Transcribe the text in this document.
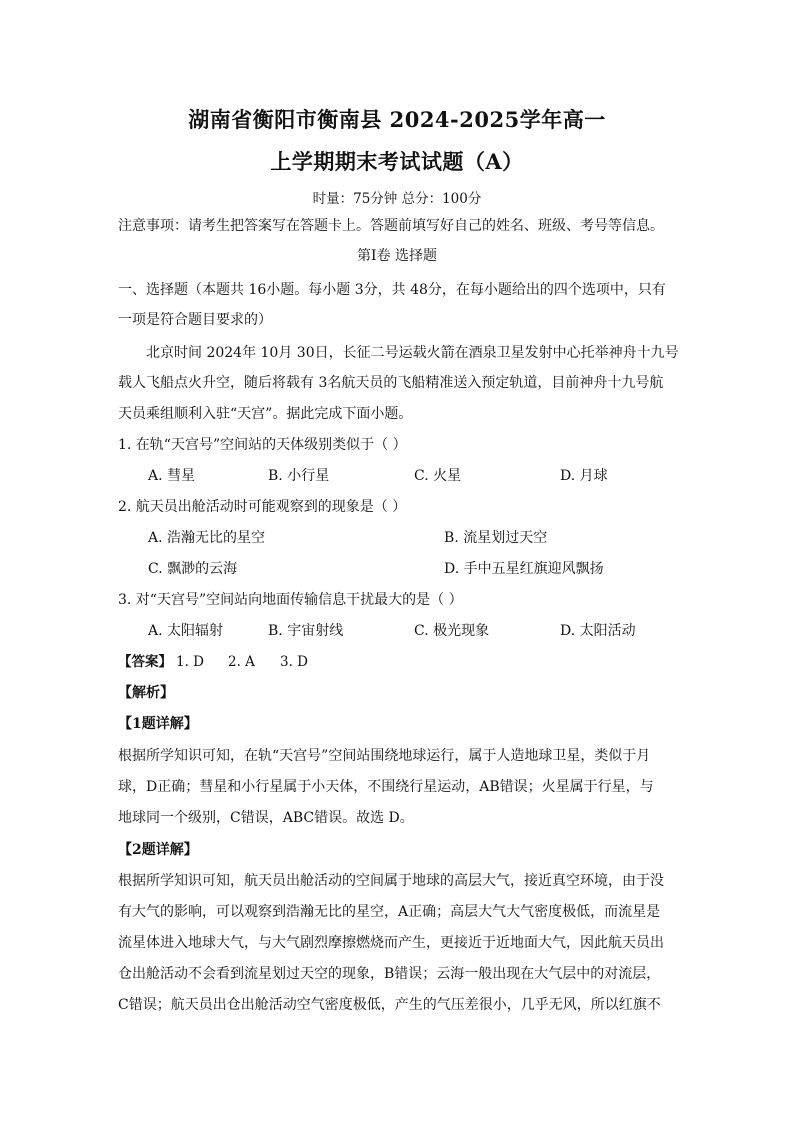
湖南省衡阳市衡南县 2024-2025学年高一
上学期期末考试试题（A）
时量：75分钟 总分：100分
注意事项：请考生把答案写在答题卡上。答题前填写好自己的姓名、班级、考号等信息。
第Ⅰ卷 选择题
一、选择题（本题共 16小题。每小题 3分，共 48分，在每小题给出的四个选项中，只有
一项是符合题目要求的）
北京时间 2024年 10月 30日，长征二号运载火箭在酒泉卫星发射中心托举神舟十九号
载人飞船点火升空，随后将载有 3名航天员的飞船精准送入预定轨道，目前神舟十九号航
天员乘组顺利入驻“天宫”。据此完成下面小题。
1. 在轨“天宫号”空间站的天体级别类似于（ ）
A. 彗星	B. 小行星	C. 火星	D. 月球
2. 航天员出舱活动时可能观察到的现象是（ ）
A. 浩瀚无比的星空	B. 流星划过天空
C. 飘渺的云海	D. 手中五星红旗迎风飘扬
3. 对“天宫号”空间站向地面传输信息干扰最大的是（ ）
A. 太阳辐射	B. 宇宙射线	C. 极光现象	D. 太阳活动
【答案】 1. D 2. A 3. D
【解析】
【1题详解】
根据所学知识可知，在轨“天宫号”空间站围绕地球运行，属于人造地球卫星，类似于月
球，D正确；彗星和小行星属于小天体，不围绕行星运动，AB错误；火星属于行星，与
地球同一个级别，C错误，ABC错误。故选 D。
【2题详解】
根据所学知识可知，航天员出舱活动的空间属于地球的高层大气，接近真空环境，由于没
有大气的影响，可以观察到浩瀚无比的星空，A正确；高层大气大气密度极低，而流星是
流星体进入地球大气，与大气剧烈摩擦燃烧而产生，更接近于近地面大气，因此航天员出
仓出舱活动不会看到流星划过天空的现象，B错误；云海一般出现在大气层中的对流层，
C错误；航天员出仓出舱活动空气密度极低，产生的气压差很小，几乎无风，所以红旗不
